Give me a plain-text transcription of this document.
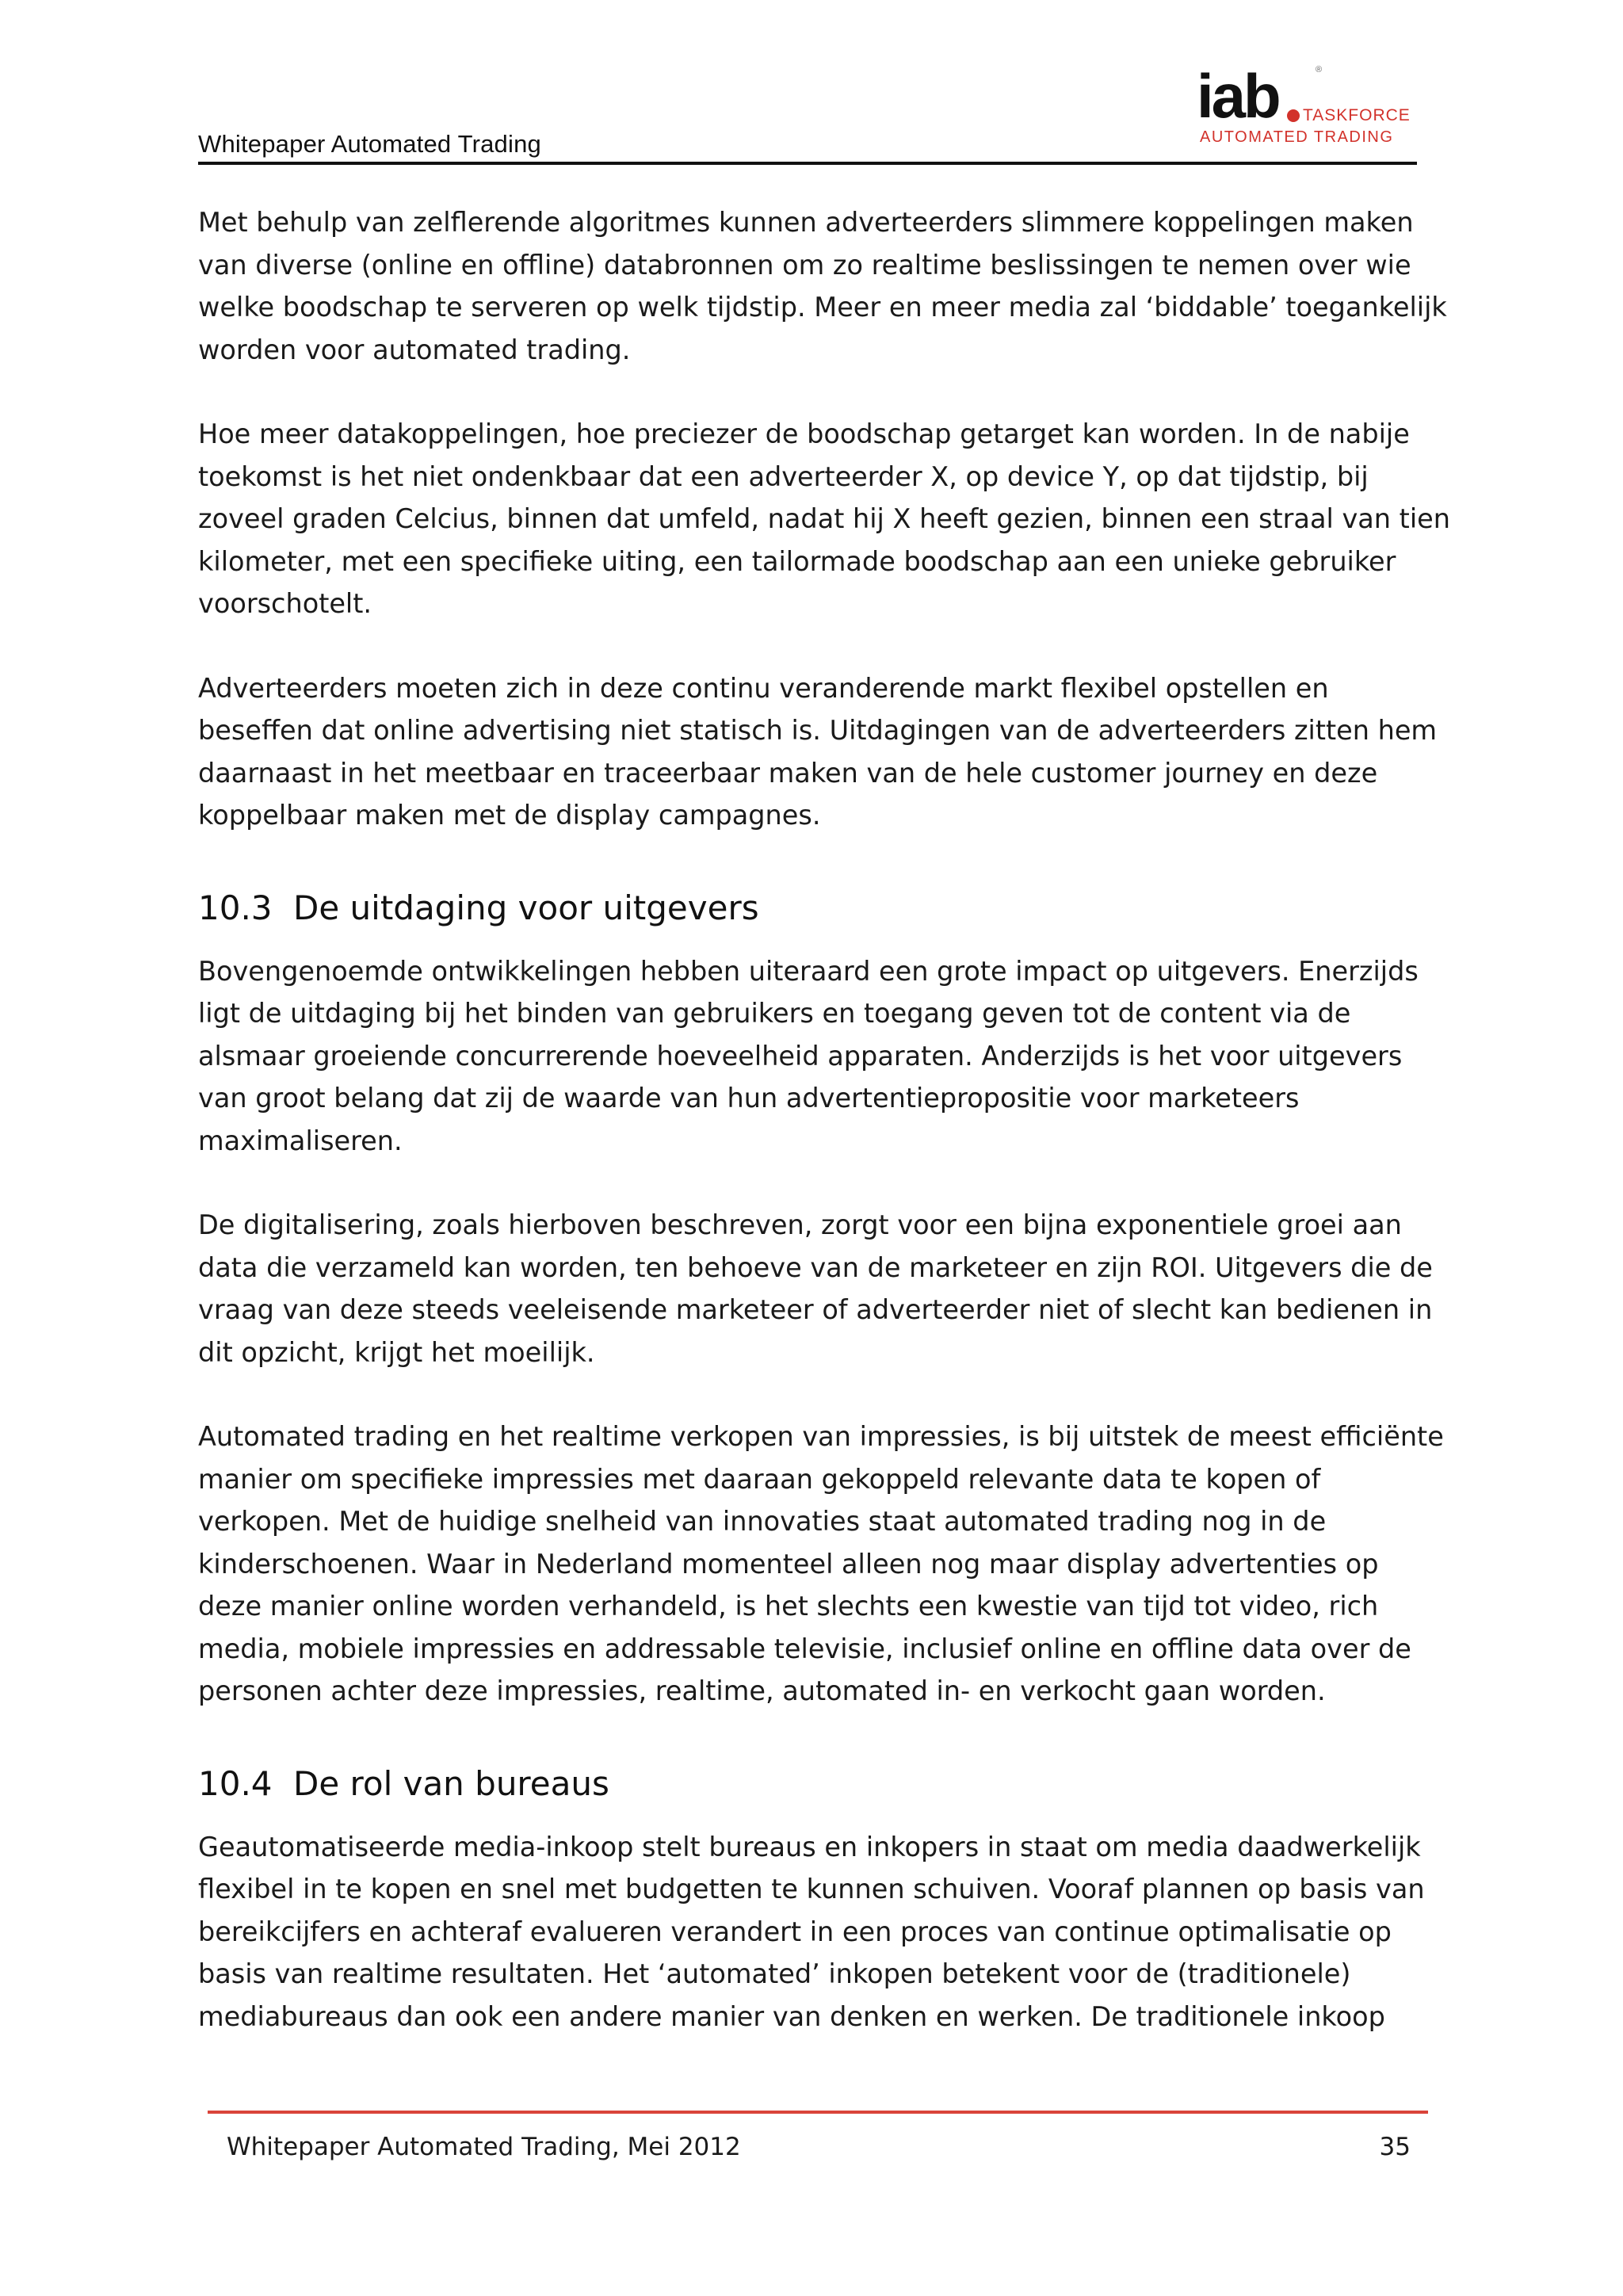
Whitepaper Automated Trading
iab	®
TASKFORCE
AUTOMATED TRADING

Met behulp van zelflerende algoritmes kunnen adverteerders slimmere koppelingen maken van diverse (online en offline) databronnen om zo realtime beslissingen te nemen over wie welke boodschap te serveren op welk tijdstip. Meer en meer media zal ‘biddable’ toegankelijk worden voor automated trading.

Hoe meer datakoppelingen, hoe preciezer de boodschap getarget kan worden. In de nabije toekomst is het niet ondenkbaar dat een adverteerder X, op device Y, op dat tijdstip, bij zoveel graden Celcius, binnen dat umfeld, nadat hij X heeft gezien, binnen een straal van tien kilometer, met een specifieke uiting, een tailormade boodschap aan een unieke gebruiker voorschotelt.

Adverteerders moeten zich in deze continu veranderende markt flexibel opstellen en beseffen dat online advertising niet statisch is. Uitdagingen van de adverteerders zitten hem daarnaast in het meetbaar en traceerbaar maken van de hele customer journey en deze koppelbaar maken met de display campagnes.

10.3 De uitdaging voor uitgevers

Bovengenoemde ontwikkelingen hebben uiteraard een grote impact op uitgevers. Enerzijds ligt de uitdaging bij het binden van gebruikers en toegang geven tot de content via de alsmaar groeiende concurrerende hoeveelheid apparaten. Anderzijds is het voor uitgevers van groot belang dat zij de waarde van hun advertentiepropositie voor marketeers maximaliseren.

De digitalisering, zoals hierboven beschreven, zorgt voor een bijna exponentiele groei aan data die verzameld kan worden, ten behoeve van de marketeer en zijn ROI. Uitgevers die de vraag van deze steeds veeleisende marketeer of adverteerder niet of slecht kan bedienen in dit opzicht, krijgt het moeilijk.

Automated trading en het realtime verkopen van impressies, is bij uitstek de meest efficiënte manier om specifieke impressies met daaraan gekoppeld relevante data te kopen of verkopen. Met de huidige snelheid van innovaties staat automated trading nog in de kinderschoenen. Waar in Nederland momenteel alleen nog maar display advertenties op deze manier online worden verhandeld, is het slechts een kwestie van tijd tot video, rich media, mobiele impressies en addressable televisie, inclusief online en offline data over de personen achter deze impressies, realtime, automated in- en verkocht gaan worden.

10.4 De rol van bureaus

Geautomatiseerde media-inkoop stelt bureaus en inkopers in staat om media daadwerkelijk flexibel in te kopen en snel met budgetten te kunnen schuiven. Vooraf plannen op basis van bereikcijfers en achteraf evalueren verandert in een proces van continue optimalisatie op basis van realtime resultaten. Het ‘automated’ inkopen betekent voor de (traditionele) mediabureaus dan ook een andere manier van denken en werken. De traditionele inkoop

Whitepaper Automated Trading, Mei 2012	35
